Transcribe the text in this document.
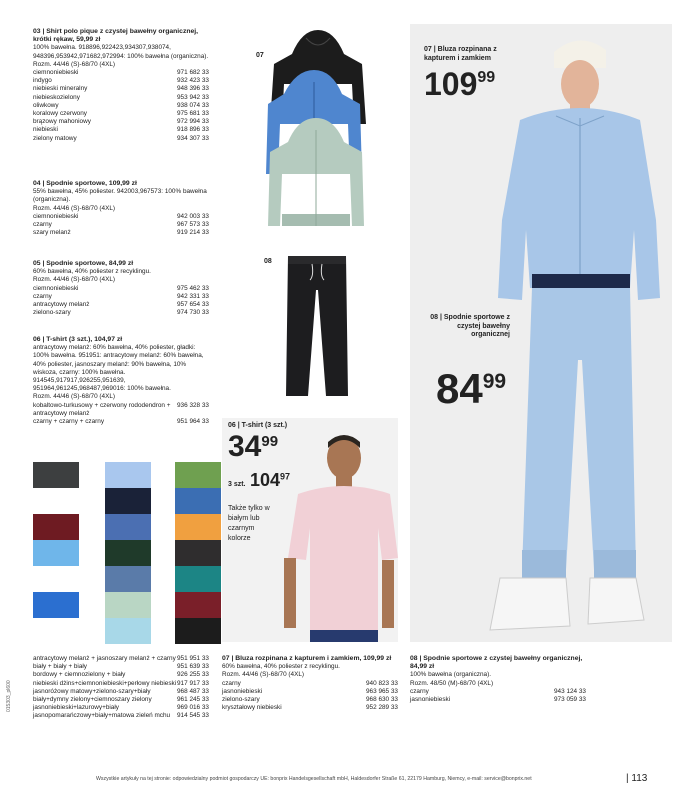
03 | Shirt polo pique z czystej bawełny organicznej, krótki rękaw, 59,99 zł
100% bawełna. 918896,922423,934307,938074, 948396,953942,971682,972994: 100% bawełna (organiczna).
Rozm. 44/46 (S)-68/70 (4XL)
ciemnoniebieski	971 682 33
indygo	932 423 33
niebieski mineralny	948 396 33
niebieskozielony	953 942 33
oliwkowy	938 074 33
koralowy czerwony	975 681 33
brązowy mahoniowy	972 994 33
niebieski	918 896 33
zielony matowy	934 307 33
04 | Spodnie sportowe, 109,99 zł
55% bawełna, 45% poliester. 942003,967573: 100% bawełna (organiczna).
Rozm. 44/46 (S)-68/70 (4XL)
ciemnoniebieski	942 003 33
czarny	967 573 33
szary melanż	919 214 33
05 | Spodnie sportowe, 84,99 zł
60% bawełna, 40% poliester z recyklingu.
Rozm. 44/46 (S)-68/70 (4XL)
ciemnoniebieski	975 462 33
czarny	942 331 33
antracytowy melanż	957 654 33
zielono-szary	974 730 33
06 | T-shirt (3 szt.), 104,97 zł
antracytowy melanż: 60% bawełna, 40% poliester, gładki: 100% bawełna. 951951: antracytowy melanż: 60% bawełna, 40% poliester, jasnoszary melanż: 90% bawełna, 10% wiskoza, czarny: 100% bawełna. 914545,917917,926255,951639, 951964,961245,968487,969016: 100% bawełna.
Rozm. 44/46 (S)-68/70 (4XL)
kobaltowo-turkusowy + czerwony rododendron + antracytowy melanż
936 328 33
czarny + czarny + czarny	951 964 33
07
08
06 | T-shirt (3 szt.)
$34^{99}$
3 szt. $104^{97}$
Także tylko w białym lub czarnym kolorze
07 | Bluza rozpinana z kapturem i zamkiem
$109^{99}$
08 | Spodnie sportowe z czystej bawełny organicznej
$84^{99}$
antracytowy melanż + jasnoszary melanż + czarny 951 951 33
biały + biały + biały	951 639 33
bordowy + ciemnozielony + biały	926 255 33
niebieski dżins+ciemnoniebieski+perłowy niebieski 917 917 33
jasnoróżowy matowy+zielono-szary+biały	968 487 33
biały+dymny zielony+ciemnoszary zielony	961 245 33
jasnoniebieski+lazurowy+biały	969 016 33
jasnopomarańczowy+biały+matowa zieleń mchu 914 545 33
07 | Bluza rozpinana z kapturem i zamkiem, 109,99 zł
60% bawełna, 40% poliester z recyklingu.
Rozm. 44/46 (S)-68/70 (4XL)
czarny	940 823 33
jasnoniebieski	963 965 33
zielono-szary	968 630 33
kryształowy niebieski	952 289 33
08 | Spodnie sportowe z czystej bawełny organicznej, 84,99 zł
100% bawełna (organiczna).
Rozm. 48/50 (M)-68/70 (4XL)
czarny	943 124 33
jasnoniebieski	973 059 33
Wszystkie artykuły na tej stronie: odpowiedzialny podmiot gospodarczy UE: bonprix Handelsgesellschaft mbH, Haldesdorfer Straße 61, 22179 Hamburg, Niemcy, e-mail: service@bonprix.net	| 113
015303_pl600
